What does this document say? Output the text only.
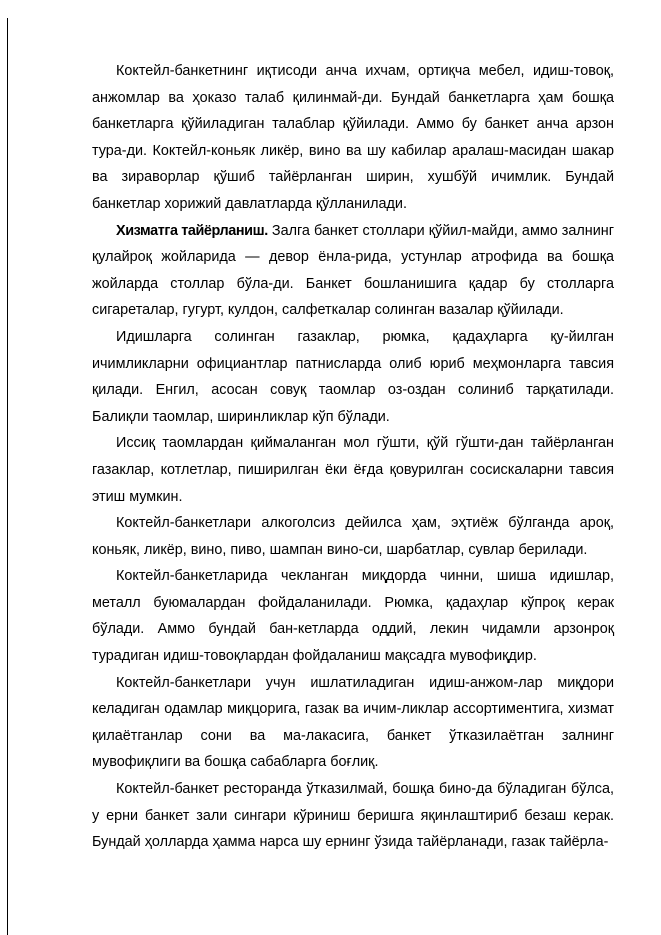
Коктейл-банкетнинг иқтисоди анча ихчам, ортиқча мебел, идиш-товоқ, анжомлар ва ҳоказо талаб қилинмай-ди. Бундай банкетларга ҳам бошқа банкетларга қўйиладиган талаблар қўйилади. Аммо бу банкет анча арзон тура-ди. Коктейл-коньяк ликёр, вино ва шу кабилар аралаш-масидан шакар ва зираворлар қўшиб тайёрланган ширин, хушбўй ичимлик. Бундай банкетлар хорижий давлатларда қўлланилади.

Хизматга тайёрланиш. Залга банкет столлари қўйил-майди, аммо залнинг қулайроқ жойларида — девор ёнла-рида, устунлар атрофида ва бошқа жойларда столлар бўла-ди. Банкет бошланишига қадар бу столларга сигареталар, гугурт, кулдон, салфеткалар солинган вазалар қўйилади.

Идишларга солинган газаклар, рюмка, қадаҳларга қу-йилган ичимликларни официантлар патнисларда олиб юриб меҳмонларга тавсия қилади. Енгил, асосан совуқ таомлар оз-оздан солиниб тарқатилади. Балиқли таомлар, ширинликлар кўп бўлади.

Иссиқ таомлардан қиймаланган мол гўшти, қўй гўшти-дан тайёрланган газаклар, котлетлар, пиширилган ёки ёғда қовурилган сосискаларни тавсия этиш мумкин.

Коктейл-банкетлари алкоголсиз дейилса ҳам, эҳтиёж бўлганда ароқ, коньяк, ликёр, вино, пиво, шампан вино-си, шарбатлар, сувлар берилади.

Коктейл-банкетларида чекланган миқдорда чинни, шиша идишлар, металл буюмалардан фойдаланилади. Рюмка, қадаҳлар кўпроқ керак бўлади. Аммо бундай бан-кетларда оддий, лекин чидамли арзонроқ турадиган идиш-товоқлардан фойдаланиш мақсадга мувофиқдир.

Коктейл-банкетлари учун ишлатиладиган идиш-анжом-лар миқдори келадиган одамлар миқцорига, газак ва ичим-ликлар ассортиментига, хизмат қилаётганлар сони ва ма-лакасига, банкет ўтказилаётган залнинг мувофиқлиги ва бошқа сабабларга боғлиқ.

Коктейл-банкет ресторанда ўтказилмай, бошқа бино-да бўладиган бўлса, у ерни банкет зали сингари кўриниш беришга яқинлаштириб безаш керак. Бундай ҳолларда ҳамма нарса шу ернинг ўзида тайёрланади, газак тайёрла-
